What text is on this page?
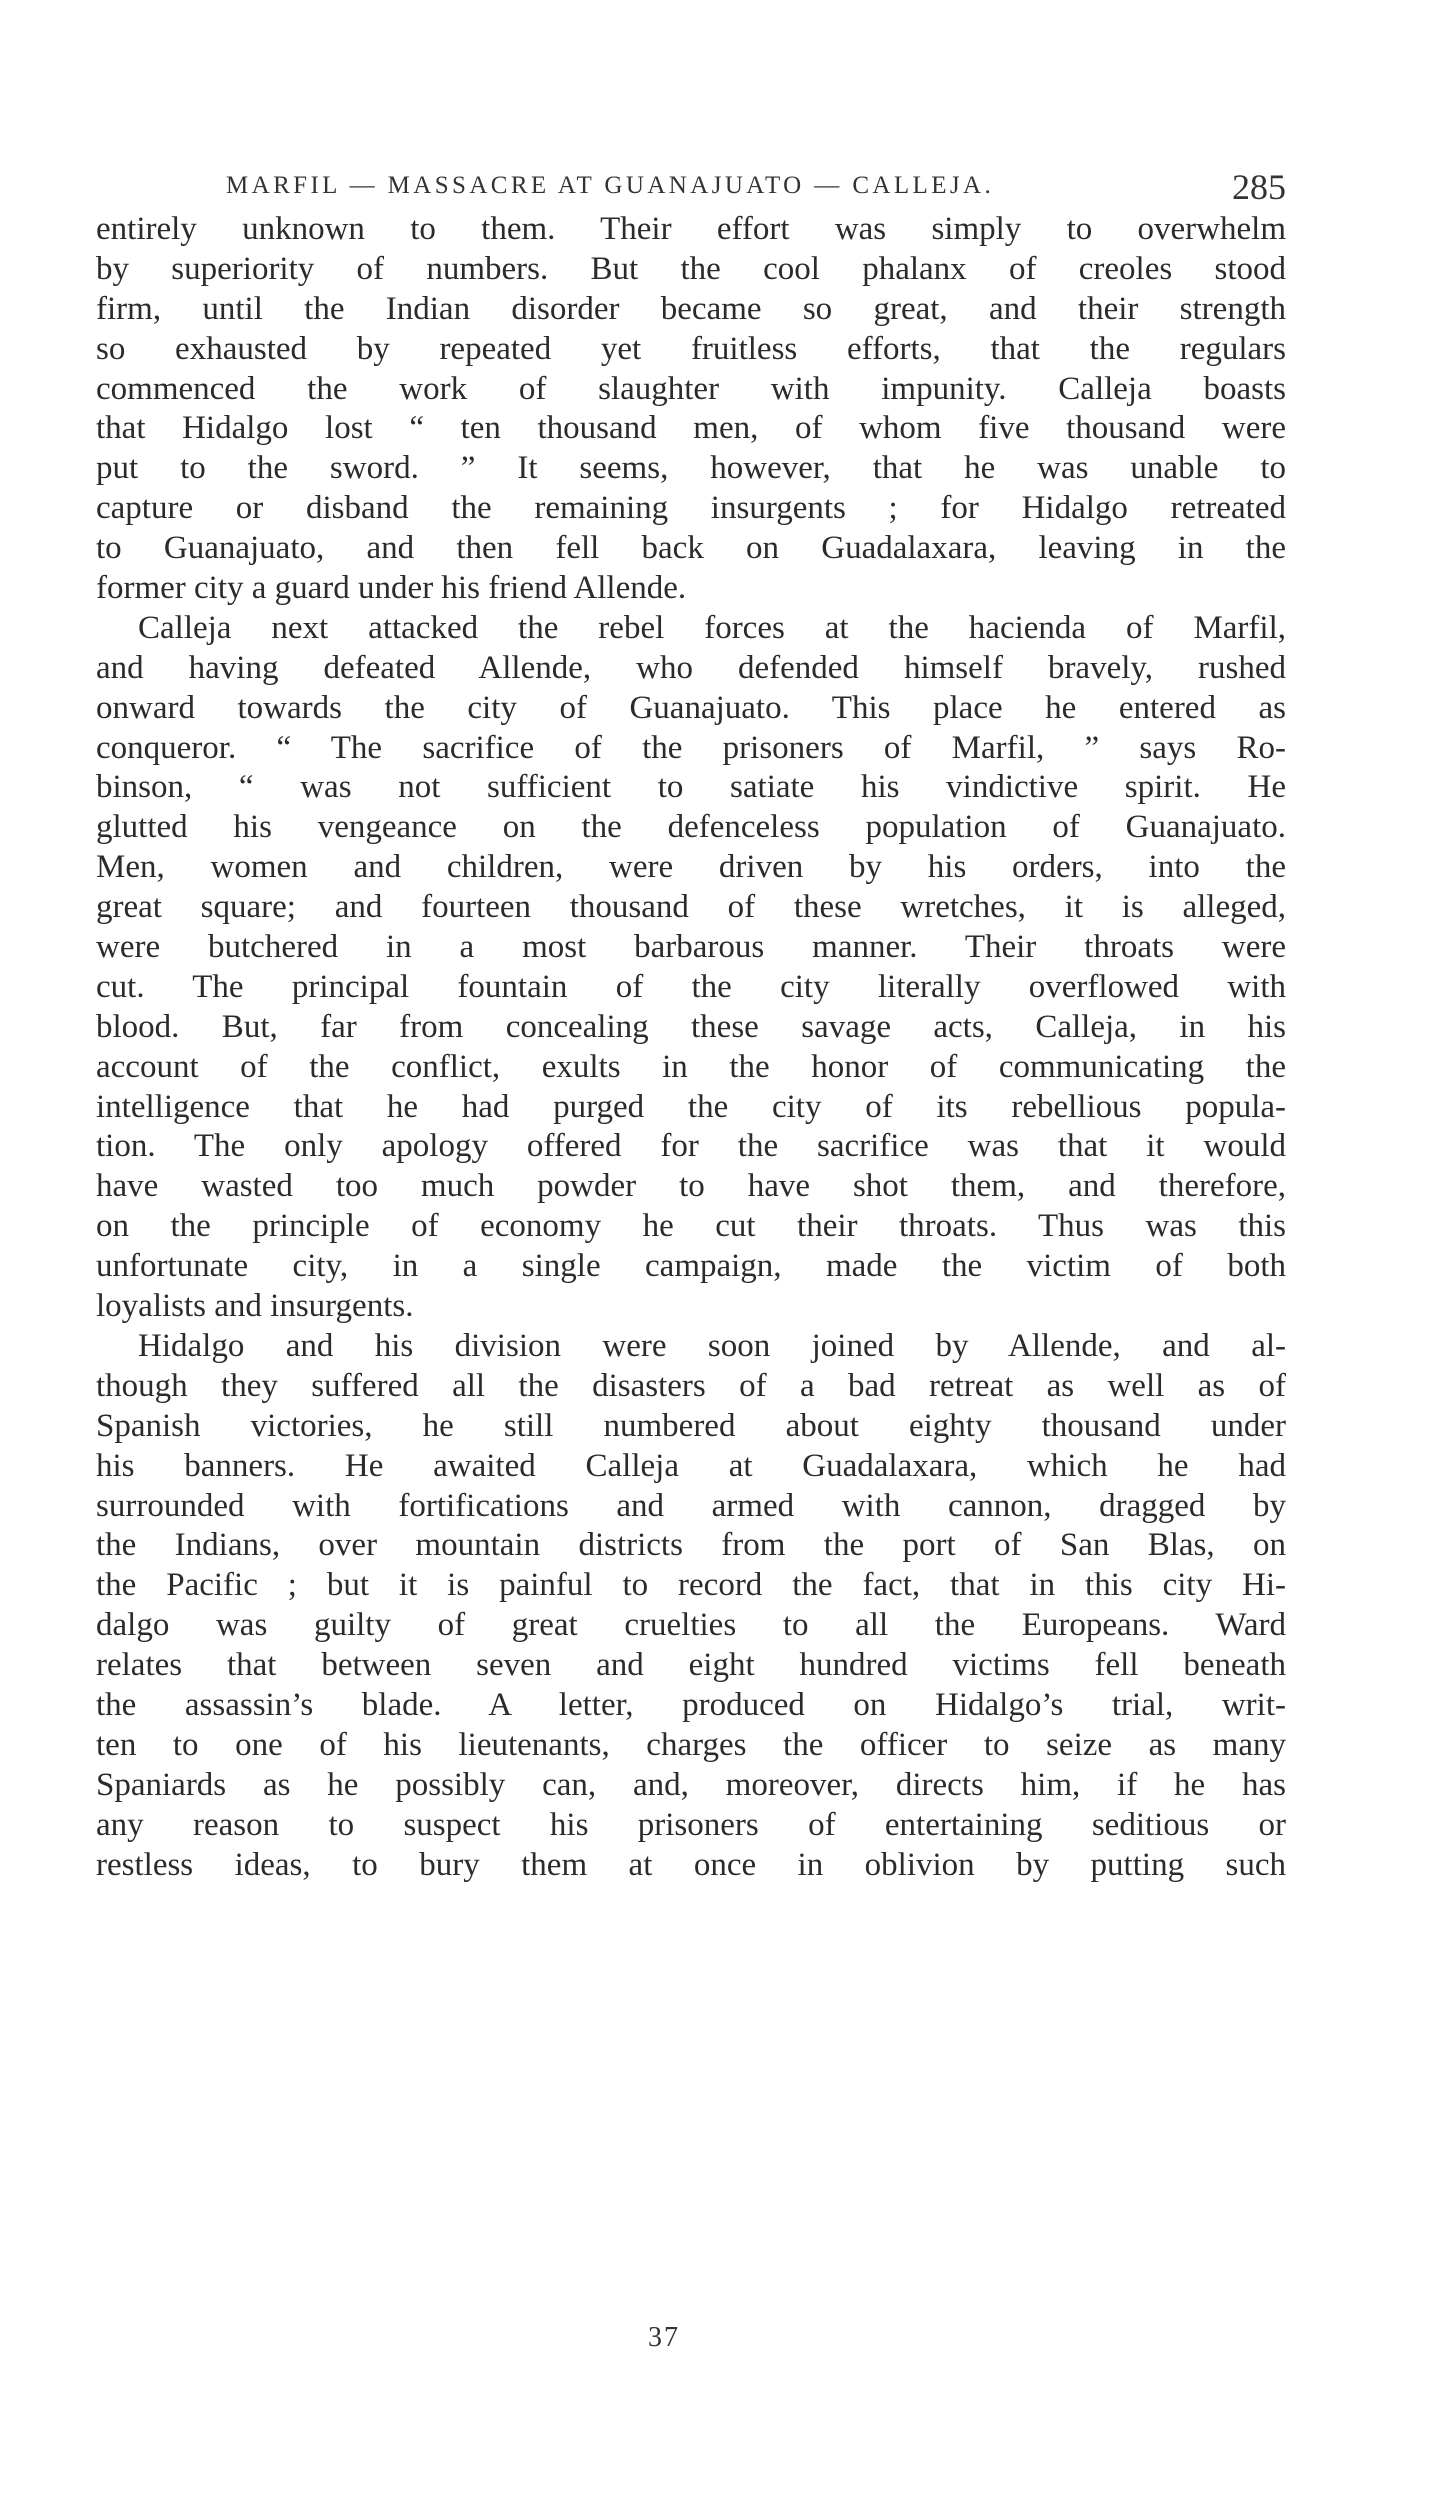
MARFIL — MASSACRE AT GUANAJUATO — CALLEJA.	285
entirely unknown to them. Their effort was simply to overwhelm
by superiority of numbers. But the cool phalanx of creoles stood
firm, until the Indian disorder became so great, and their strength
so exhausted by repeated yet fruitless efforts, that the regulars
commenced the work of slaughter with impunity. Calleja boasts
that Hidalgo lost “ ten thousand men, of whom five thousand were
put to the sword. ” It seems, however, that he was unable to
capture or disband the remaining insurgents ; for Hidalgo retreated
to Guanajuato, and then fell back on Guadalaxara, leaving in the
former city a guard under his friend Allende.
Calleja next attacked the rebel forces at the hacienda of Marfil,
and having defeated Allende, who defended himself bravely, rushed
onward towards the city of Guanajuato. This place he entered as
conqueror. “ The sacrifice of the prisoners of Marfil, ” says Ro-
binson, “ was not sufficient to satiate his vindictive spirit. He
glutted his vengeance on the defenceless population of Guanajuato.
Men, women and children, were driven by his orders, into the
great square; and fourteen thousand of these wretches, it is alleged,
were butchered in a most barbarous manner. Their throats were
cut. The principal fountain of the city literally overflowed with
blood. But, far from concealing these savage acts, Calleja, in his
account of the conflict, exults in the honor of communicating the
intelligence that he had purged the city of its rebellious popula-
tion. The only apology offered for the sacrifice was that it would
have wasted too much powder to have shot them, and therefore,
on the principle of economy he cut their throats. Thus was this
unfortunate city, in a single campaign, made the victim of both
loyalists and insurgents.
Hidalgo and his division were soon joined by Allende, and al-
though they suffered all the disasters of a bad retreat as well as of
Spanish victories, he still numbered about eighty thousand under
his banners. He awaited Calleja at Guadalaxara, which he had
surrounded with fortifications and armed with cannon, dragged by
the Indians, over mountain districts from the port of San Blas, on
the Pacific ; but it is painful to record the fact, that in this city Hi-
dalgo was guilty of great cruelties to all the Europeans. Ward
relates that between seven and eight hundred victims fell beneath
the assassin’s blade. A letter, produced on Hidalgo’s trial, writ-
ten to one of his lieutenants, charges the officer to seize as many
Spaniards as he possibly can, and, moreover, directs him, if he has
any reason to suspect his prisoners of entertaining seditious or
restless ideas, to bury them at once in oblivion by putting such
37
